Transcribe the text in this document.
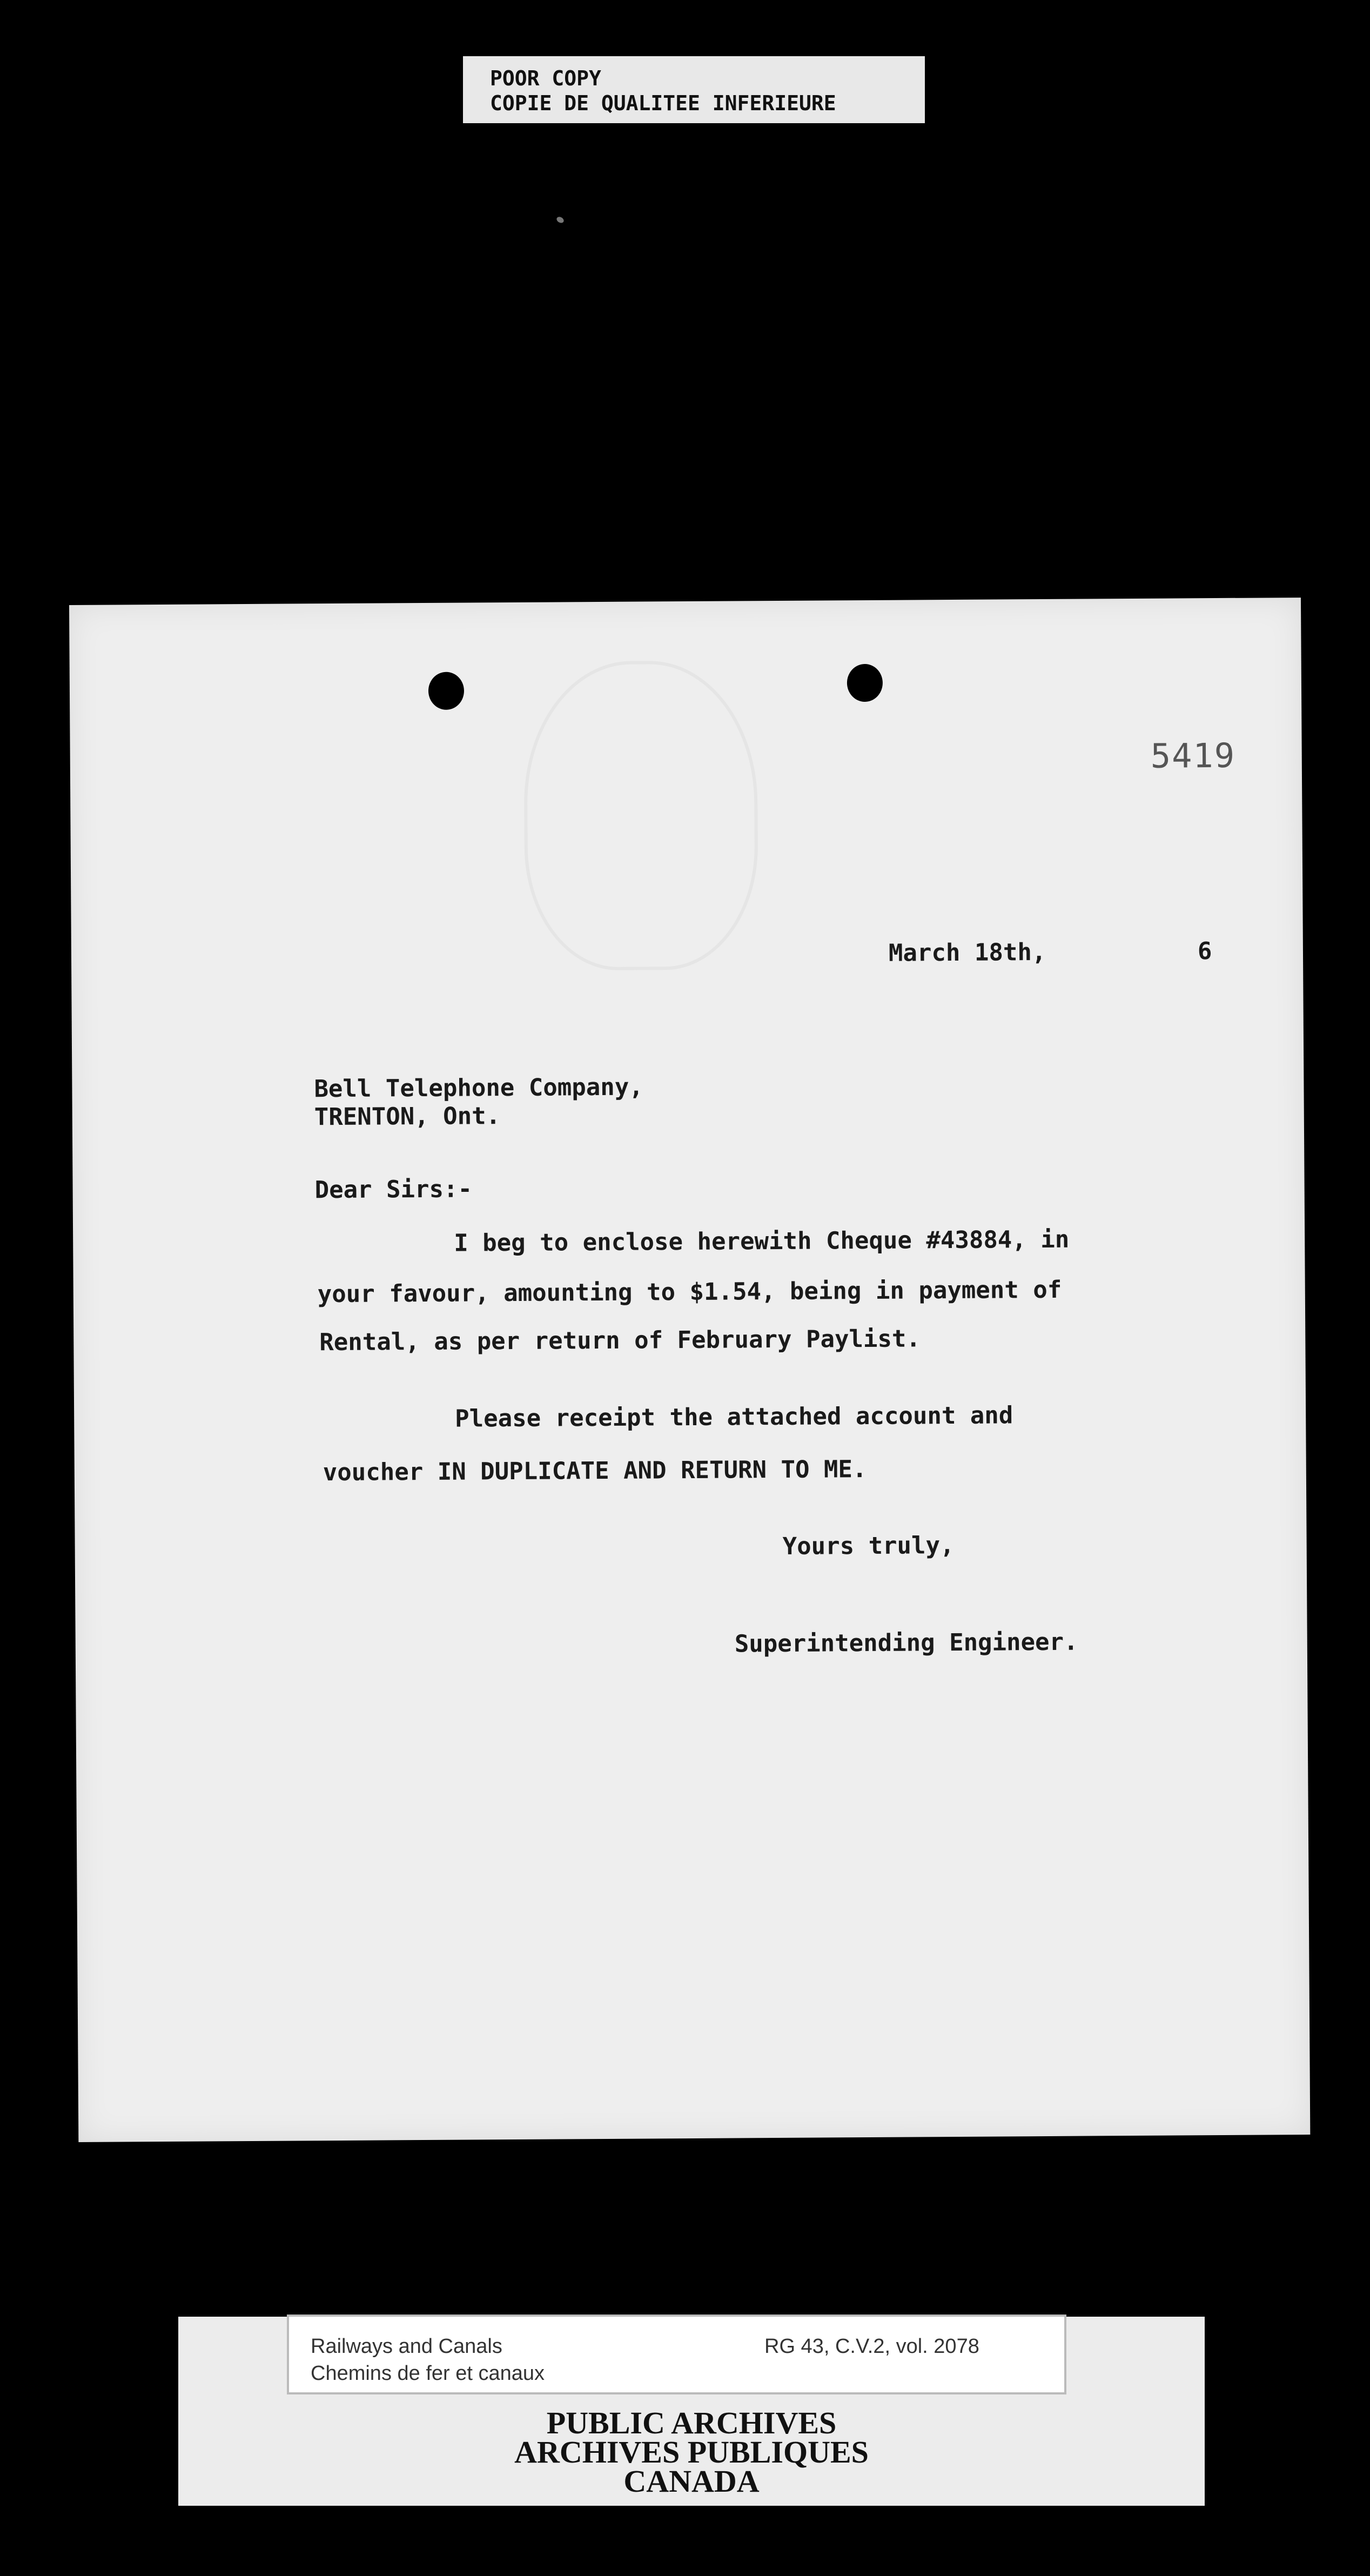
POOR COPY
COPIE DE QUALITEE INFERIEURE
5419
March 18th,	6
Bell Telephone Company,
TRENTON, Ont.
Dear Sirs:-
I beg to enclose herewith Cheque #43884, in
your favour, amounting to $1.54, being in payment of
Rental, as per return of February Paylist.
Please receipt the attached account and
voucher IN DUPLICATE AND RETURN TO ME.
Yours truly,
Superintending Engineer.
Railways and Canals
Chemins de fer et canaux
RG 43, C.V.2, vol. 2078
PUBLIC ARCHIVES
ARCHIVES PUBLIQUES
CANADA
